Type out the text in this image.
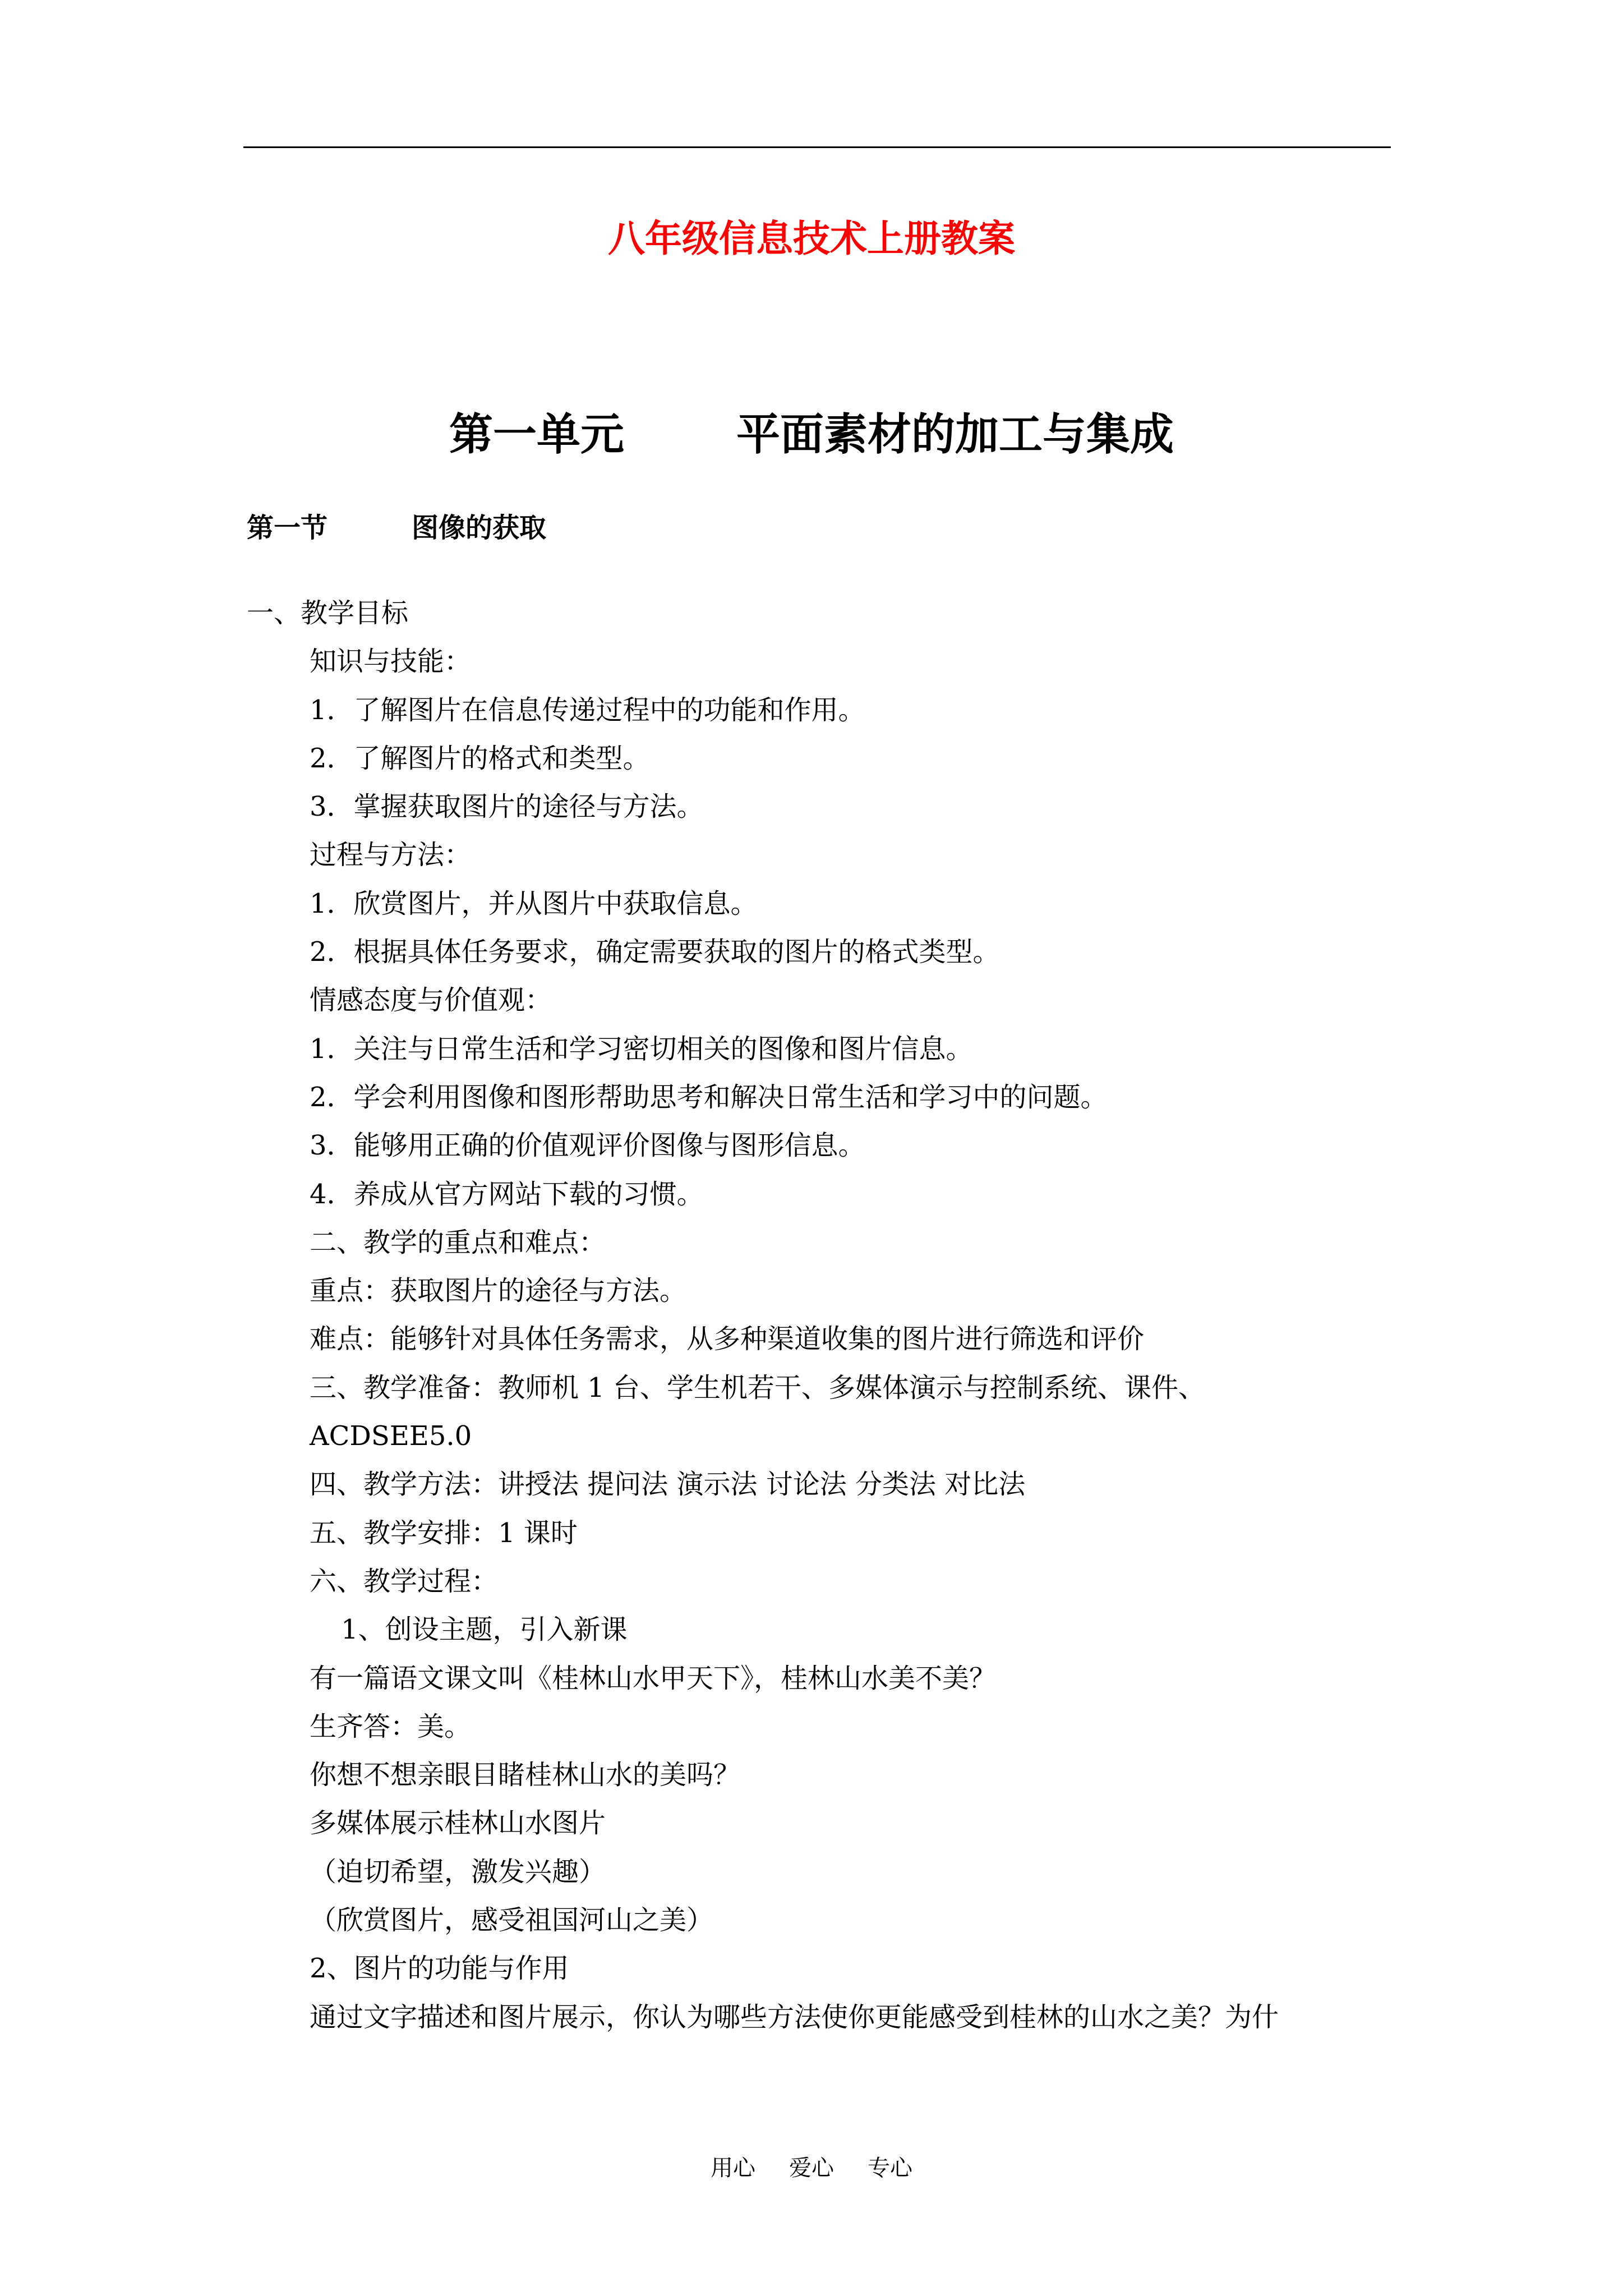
八年级信息技术上册教案
第一单元	平面素材的加工与集成
第一节	图像的获取
一、教学目标
知识与技能：
1．了解图片在信息传递过程中的功能和作用。
2．了解图片的格式和类型。
3．掌握获取图片的途径与方法。
过程与方法：
1．欣赏图片，并从图片中获取信息。
2．根据具体任务要求，确定需要获取的图片的格式类型。
情感态度与价值观：
1．关注与日常生活和学习密切相关的图像和图片信息。
2．学会利用图像和图形帮助思考和解决日常生活和学习中的问题。
3．能够用正确的价值观评价图像与图形信息。
4．养成从官方网站下载的习惯。
二、教学的重点和难点：
重点：获取图片的途径与方法。
难点：能够针对具体任务需求，从多种渠道收集的图片进行筛选和评价
三、教学准备：教师机 1 台、学生机若干、多媒体演示与控制系统、课件、
ACDSEE5.0
四、教学方法：讲授法 提问法 演示法 讨论法 分类法 对比法
五、教学安排：1 课时
六、教学过程：
1、创设主题，引入新课
有一篇语文课文叫《桂林山水甲天下》，桂林山水美不美？
生齐答：美。
你想不想亲眼目睹桂林山水的美吗？
多媒体展示桂林山水图片
（迫切希望，激发兴趣）
（欣赏图片，感受祖国河山之美）
2、图片的功能与作用
通过文字描述和图片展示，你认为哪些方法使你更能感受到桂林的山水之美？为什
用心 爱心 专心
